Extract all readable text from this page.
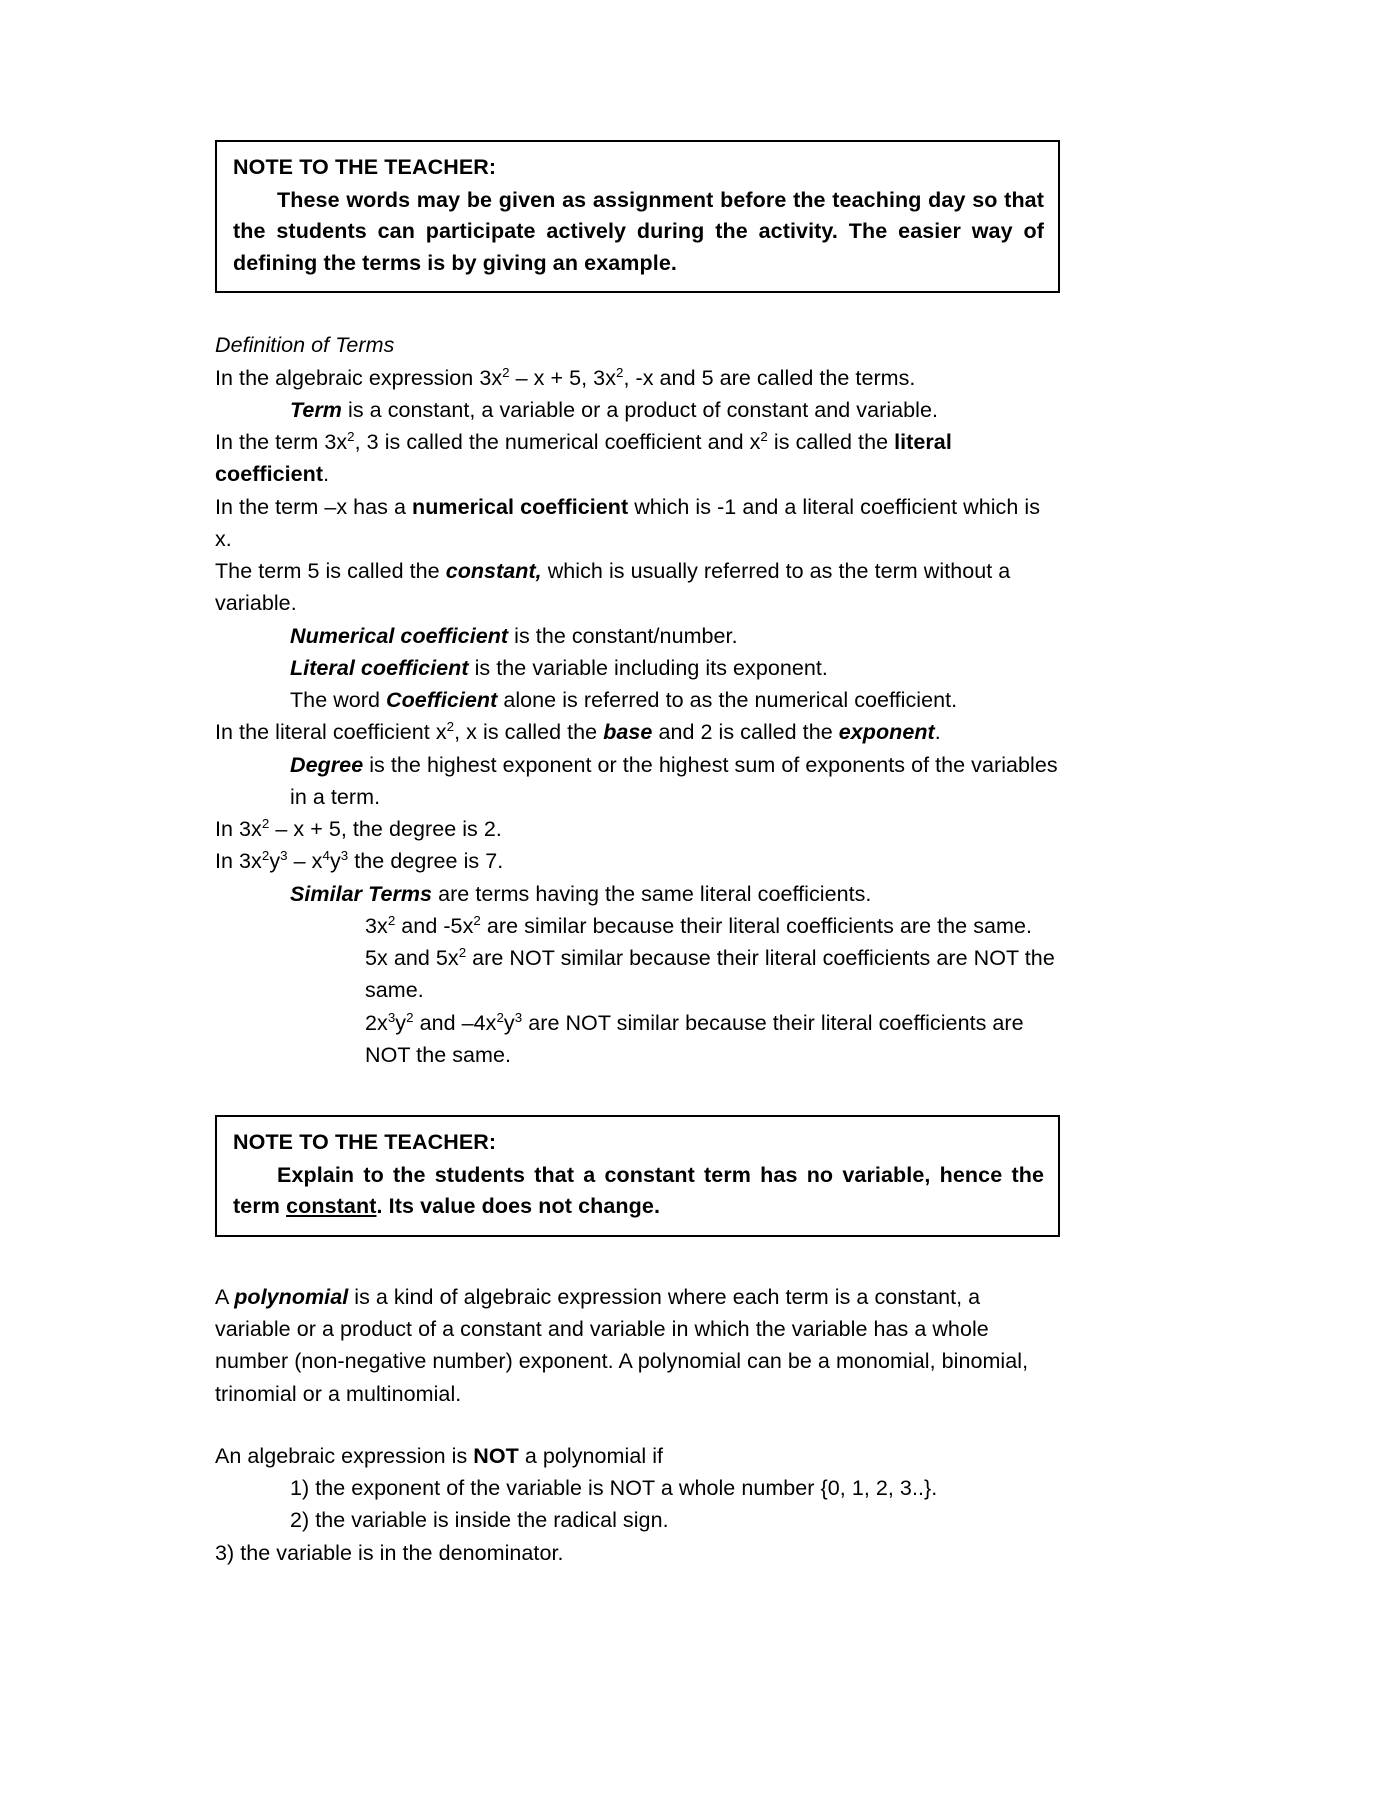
NOTE TO THE TEACHER:
These words may be given as assignment before the teaching day so that the students can participate actively during the activity. The easier way of defining the terms is by giving an example.
Definition of Terms
In the algebraic expression $3x^2 - x + 5$, $3x^2$, -x and 5 are called the terms.
Term is a constant, a variable or a product of constant and variable.
In the term $3x^2$, 3 is called the numerical coefficient and $x^2$ is called the literal coefficient.
In the term –x has a numerical coefficient which is -1 and a literal coefficient which is x.
The term 5 is called the constant, which is usually referred to as the term without a variable.
Numerical coefficient is the constant/number.
Literal coefficient is the variable including its exponent.
The word Coefficient alone is referred to as the numerical coefficient.
In the literal coefficient $x^2$, x is called the base and 2 is called the exponent.
Degree is the highest exponent or the highest sum of exponents of the variables in a term.
In $3x^2 - x + 5$, the degree is 2.
In $3x^2y^3 - x^4y^3$ the degree is 7.
Similar Terms are terms having the same literal coefficients.
$3x^2$ and $-5x^2$ are similar because their literal coefficients are the same.
5x and $5x^2$ are NOT similar because their literal coefficients are NOT the same.
$2x^3y^2$ and $-4x^2y^3$ are NOT similar because their literal coefficients are NOT the same.
NOTE TO THE TEACHER:
Explain to the students that a constant term has no variable, hence the term constant. Its value does not change.

A polynomial is a kind of algebraic expression where each term is a constant, a variable or a product of a constant and variable in which the variable has a whole number (non-negative number) exponent. A polynomial can be a monomial, binomial, trinomial or a multinomial.

An algebraic expression is NOT a polynomial if
1) the exponent of the variable is NOT a whole number {0, 1, 2, 3..}.
2) the variable is inside the radical sign.
3) the variable is in the denominator.
